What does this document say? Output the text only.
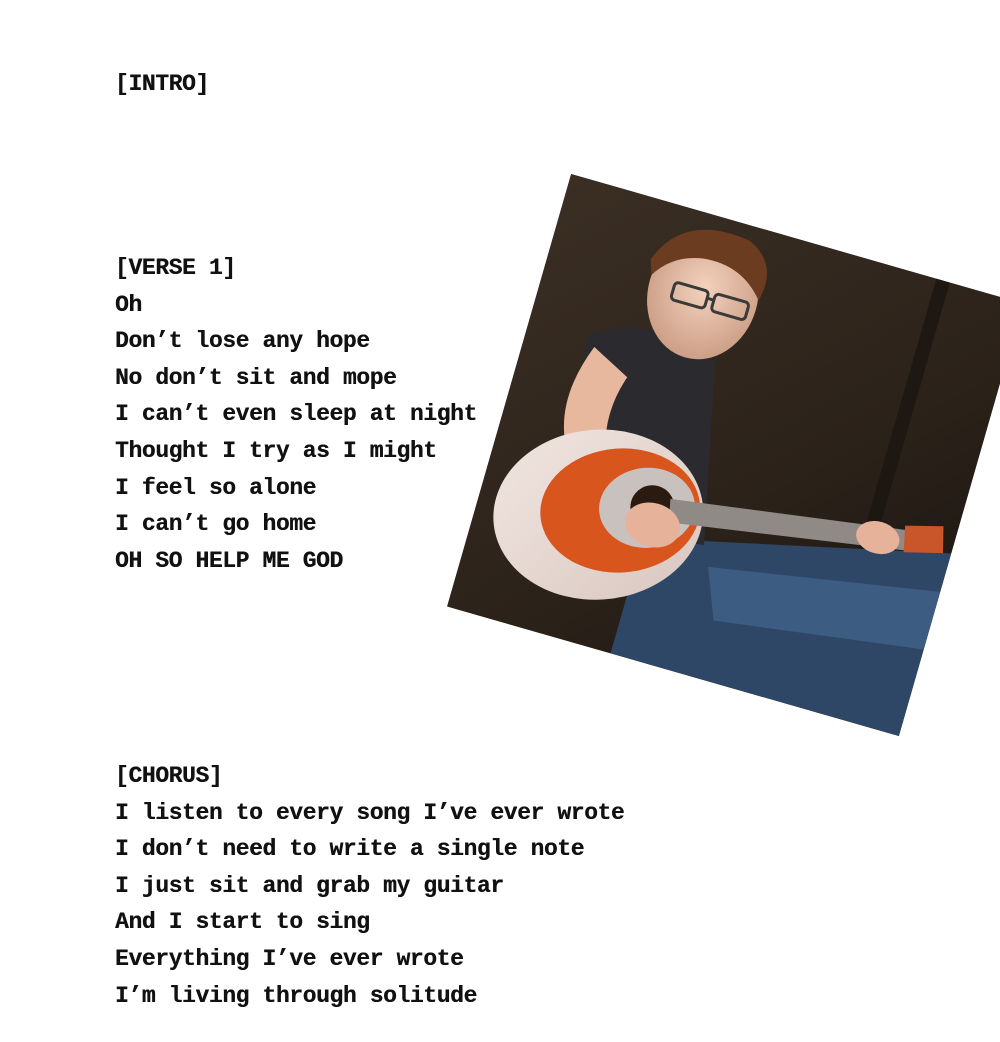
[INTRO]
[VERSE 1]
Oh
Don’t lose any hope
No don’t sit and mope
I can’t even sleep at night
Thought I try as I might
I feel so alone
I can’t go home
OH SO HELP ME GOD
[CHORUS]
I listen to every song I’ve ever wrote
I don’t need to write a single note
I just sit and grab my guitar
And I start to sing
Everything I’ve ever wrote
I’m living through solitude
